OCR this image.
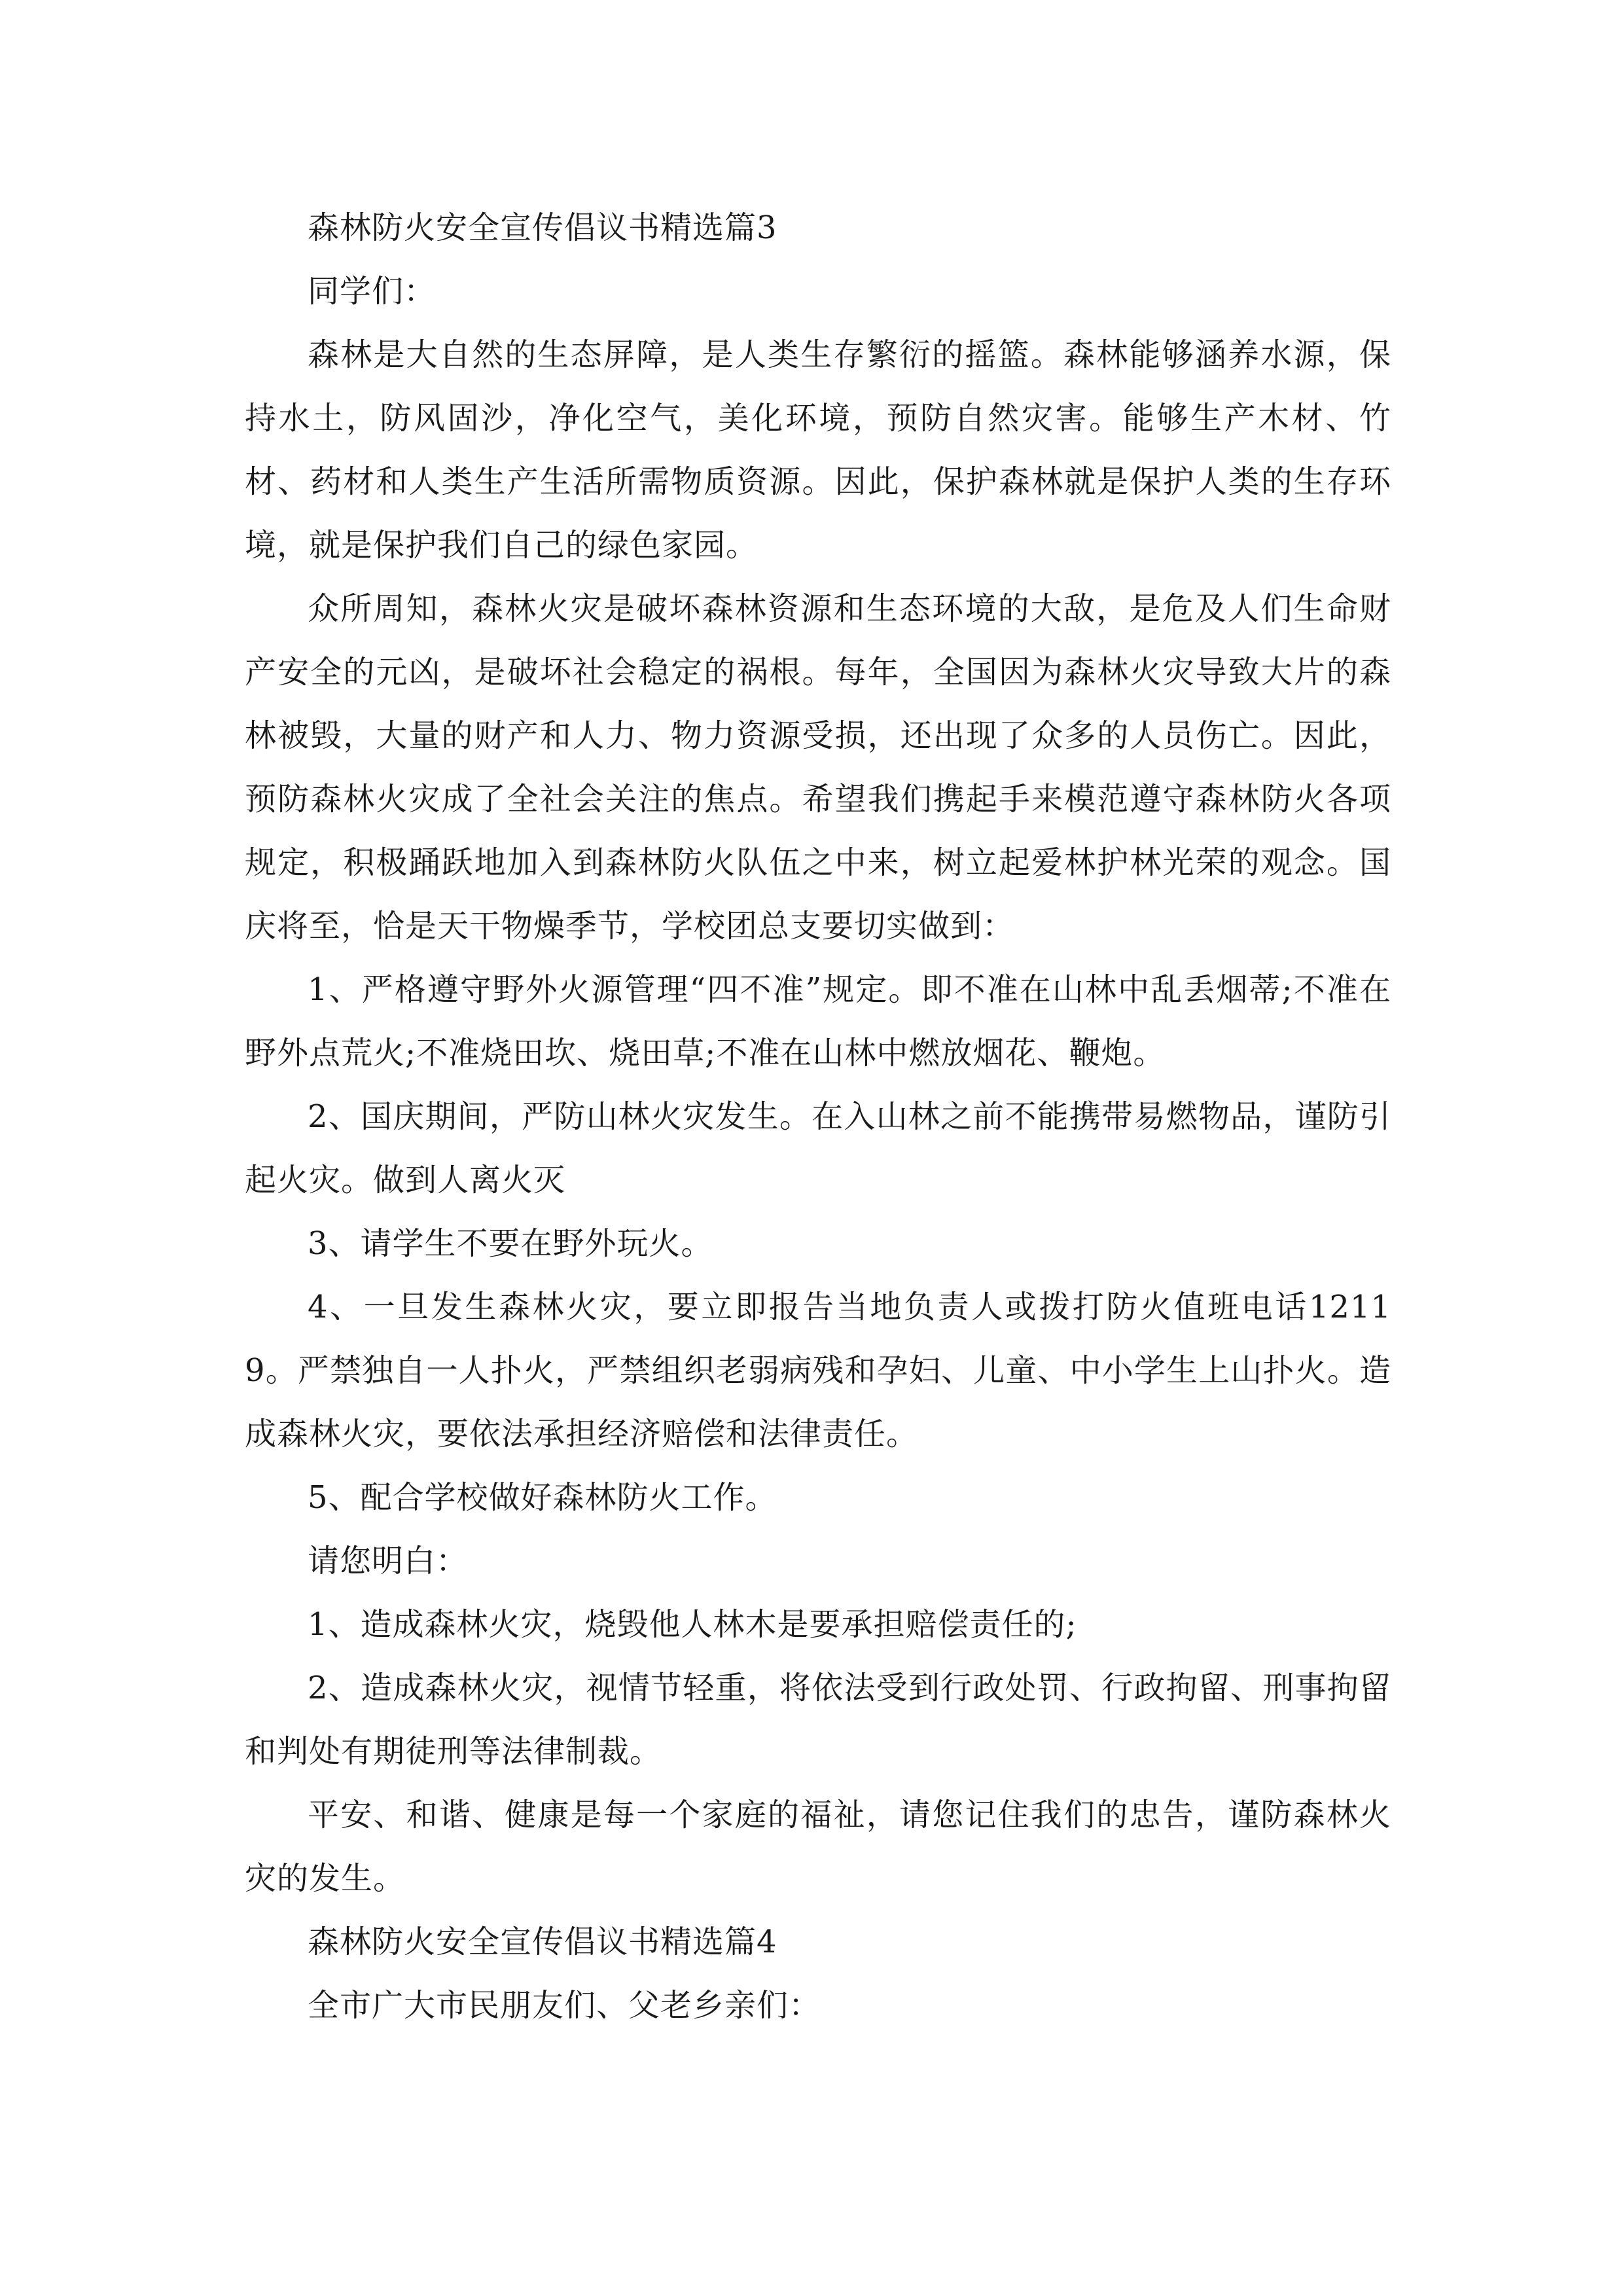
森林防火安全宣传倡议书精选篇3

同学们：

森林是大自然的生态屏障，是人类生存繁衍的摇篮。森林能够涵养水源，保持水土，防风固沙，净化空气，美化环境，预防自然灾害。能够生产木材、竹材、药材和人类生产生活所需物质资源。因此，保护森林就是保护人类的生存环境，就是保护我们自己的绿色家园。

众所周知，森林火灾是破坏森林资源和生态环境的大敌，是危及人们生命财产安全的元凶，是破坏社会稳定的祸根。每年，全国因为森林火灾导致大片的森林被毁，大量的财产和人力、物力资源受损，还出现了众多的人员伤亡。因此，预防森林火灾成了全社会关注的焦点。希望我们携起手来模范遵守森林防火各项规定，积极踊跃地加入到森林防火队伍之中来，树立起爱林护林光荣的观念。国庆将至，恰是天干物燥季节，学校团总支要切实做到：

1、严格遵守野外火源管理“四不准”规定。即不准在山林中乱丢烟蒂;不准在野外点荒火;不准烧田坎、烧田草;不准在山林中燃放烟花、鞭炮。

2、国庆期间，严防山林火灾发生。在入山林之前不能携带易燃物品，谨防引起火灾。做到人离火灭

3、请学生不要在野外玩火。

4、一旦发生森林火灾，要立即报告当地负责人或拨打防火值班电话12119。严禁独自一人扑火，严禁组织老弱病残和孕妇、儿童、中小学生上山扑火。造成森林火灾，要依法承担经济赔偿和法律责任。

5、配合学校做好森林防火工作。

请您明白：

1、造成森林火灾，烧毁他人林木是要承担赔偿责任的;

2、造成森林火灾，视情节轻重，将依法受到行政处罚、行政拘留、刑事拘留和判处有期徒刑等法律制裁。

平安、和谐、健康是每一个家庭的福祉，请您记住我们的忠告，谨防森林火灾的发生。

森林防火安全宣传倡议书精选篇4

全市广大市民朋友们、父老乡亲们：
